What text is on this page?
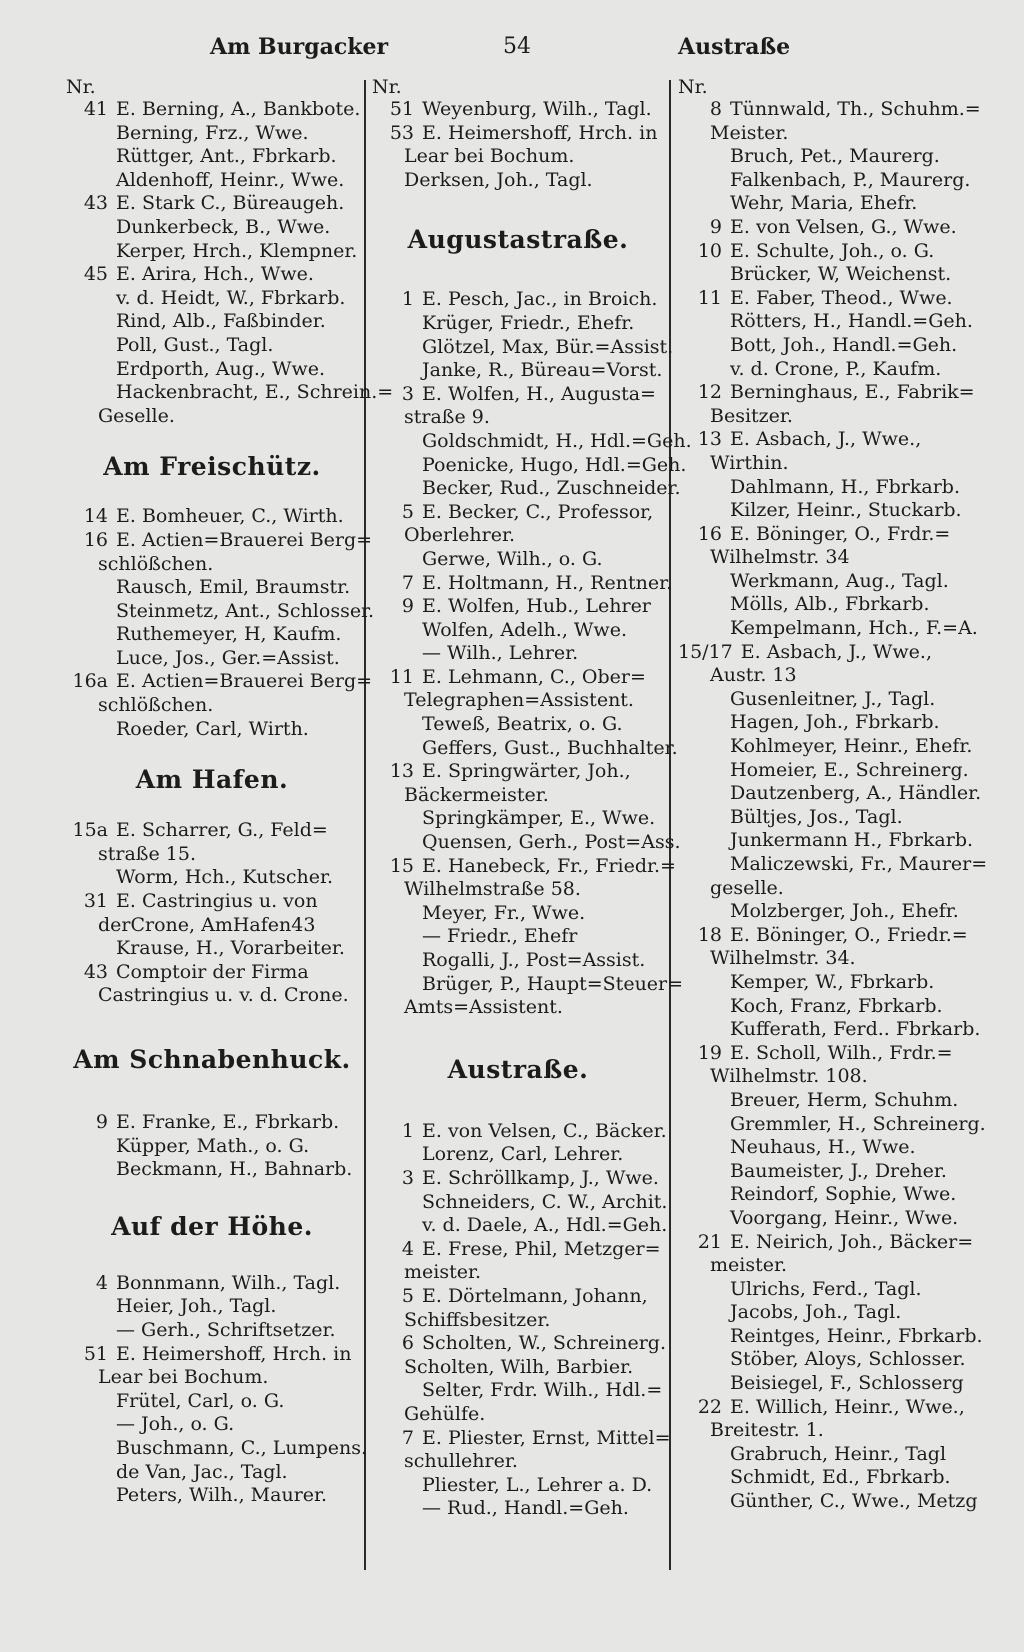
Am Burgacker	54	Austraße
Nr.
41 E. Berning, A., Bankbote.
Berning, Frz., Wwe.
Rüttger, Ant., Fbrkarb.
Aldenhoff, Heinr., Wwe.
43 E. Stark C., Büreaugeh.
Dunkerbeck, B., Wwe.
Kerper, Hrch., Klempner.
45 E. Arira, Hch., Wwe.
v. d. Heidt, W., Fbrkarb.
Rind, Alb., Faßbinder.
Poll, Gust., Tagl.
Erdporth, Aug., Wwe.
Hackenbracht, E., Schrein.=
Geselle.
Am Freischütz.
14 E. Bomheuer, C., Wirth.
16 E. Actien=Brauerei Berg=
schlößchen.
Rausch, Emil, Braumstr.
Steinmetz, Ant., Schlosser.
Ruthemeyer, H, Kaufm.
Luce, Jos., Ger.=Assist.
16a E. Actien=Brauerei Berg=
schlößchen.
Roeder, Carl, Wirth.
Am Hafen.
15a E. Scharrer, G., Feld=
straße 15.
Worm, Hch., Kutscher.
31 E. Castringius u. von
derCrone, AmHafen43
Krause, H., Vorarbeiter.
43 Comptoir der Firma
Castringius u. v. d. Crone.
Am Schnabenhuck.
9 E. Franke, E., Fbrkarb.
Küpper, Math., o. G.
Beckmann, H., Bahnarb.
Auf der Höhe.
4 Bonnmann, Wilh., Tagl.
Heier, Joh., Tagl.
— Gerh., Schriftsetzer.
51 E. Heimershoff, Hrch. in
Lear bei Bochum.
Frütel, Carl, o. G.
— Joh., o. G.
Buschmann, C., Lumpens.
de Van, Jac., Tagl.
Peters, Wilh., Maurer.
Nr.
51 Weyenburg, Wilh., Tagl.
53 E. Heimershoff, Hrch. in
Lear bei Bochum.
Derksen, Joh., Tagl.
Augustastraße.
1 E. Pesch, Jac., in Broich.
Krüger, Friedr., Ehefr.
Glötzel, Max, Bür.=Assist.
Janke, R., Büreau=Vorst.
3 E. Wolfen, H., Augusta=
straße 9.
Goldschmidt, H., Hdl.=Geh.
Poenicke, Hugo, Hdl.=Geh.
Becker, Rud., Zuschneider.
5 E. Becker, C., Professor,
Oberlehrer.
Gerwe, Wilh., o. G.
7 E. Holtmann, H., Rentner.
9 E. Wolfen, Hub., Lehrer
Wolfen, Adelh., Wwe.
— Wilh., Lehrer.
11 E. Lehmann, C., Ober=
Telegraphen=Assistent.
Teweß, Beatrix, o. G.
Geffers, Gust., Buchhalter.
13 E. Springwärter, Joh.,
Bäckermeister.
Springkämper, E., Wwe.
Quensen, Gerh., Post=Ass.
15 E. Hanebeck, Fr., Friedr.=
Wilhelmstraße 58.
Meyer, Fr., Wwe.
— Friedr., Ehefr
Rogalli, J., Post=Assist.
Brüger, P., Haupt=Steuer=
Amts=Assistent.
Austraße.
1 E. von Velsen, C., Bäcker.
Lorenz, Carl, Lehrer.
3 E. Schröllkamp, J., Wwe.
Schneiders, C. W., Archit.
v. d. Daele, A., Hdl.=Geh.
4 E. Frese, Phil, Metzger=
meister.
5 E. Dörtelmann, Johann,
Schiffsbesitzer.
6 Scholten, W., Schreinerg.
Scholten, Wilh, Barbier.
Selter, Frdr. Wilh., Hdl.=
Gehülfe.
7 E. Pliester, Ernst, Mittel=
schullehrer.
Pliester, L., Lehrer a. D.
— Rud., Handl.=Geh.
Nr.
8 Tünnwald, Th., Schuhm.=
Meister.
Bruch, Pet., Maurerg.
Falkenbach, P., Maurerg.
Wehr, Maria, Ehefr.
9 E. von Velsen, G., Wwe.
10 E. Schulte, Joh., o. G.
Brücker, W, Weichenst.
11 E. Faber, Theod., Wwe.
Rötters, H., Handl.=Geh.
Bott, Joh., Handl.=Geh.
v. d. Crone, P., Kaufm.
12 Berninghaus, E., Fabrik=
Besitzer.
13 E. Asbach, J., Wwe.,
Wirthin.
Dahlmann, H., Fbrkarb.
Kilzer, Heinr., Stuckarb.
16 E. Böninger, O., Frdr.=
Wilhelmstr. 34
Werkmann, Aug., Tagl.
Mölls, Alb., Fbrkarb.
Kempelmann, Hch., F.=A.
15/17 E. Asbach, J., Wwe.,
Austr. 13
Gusenleitner, J., Tagl.
Hagen, Joh., Fbrkarb.
Kohlmeyer, Heinr., Ehefr.
Homeier, E., Schreinerg.
Dautzenberg, A., Händler.
Bültjes, Jos., Tagl.
Junkermann H., Fbrkarb.
Maliczewski, Fr., Maurer=
geselle.
Molzberger, Joh., Ehefr.
18 E. Böninger, O., Friedr.=
Wilhelmstr. 34.
Kemper, W., Fbrkarb.
Koch, Franz, Fbrkarb.
Kufferath, Ferd.. Fbrkarb.
19 E. Scholl, Wilh., Frdr.=
Wilhelmstr. 108.
Breuer, Herm, Schuhm.
Gremmler, H., Schreinerg.
Neuhaus, H., Wwe.
Baumeister, J., Dreher.
Reindorf, Sophie, Wwe.
Voorgang, Heinr., Wwe.
21 E. Neirich, Joh., Bäcker=
meister.
Ulrichs, Ferd., Tagl.
Jacobs, Joh., Tagl.
Reintges, Heinr., Fbrkarb.
Stöber, Aloys, Schlosser.
Beisiegel, F., Schlosserg
22 E. Willich, Heinr., Wwe.,
Breitestr. 1.
Grabruch, Heinr., Tagl
Schmidt, Ed., Fbrkarb.
Günther, C., Wwe., Metzg
